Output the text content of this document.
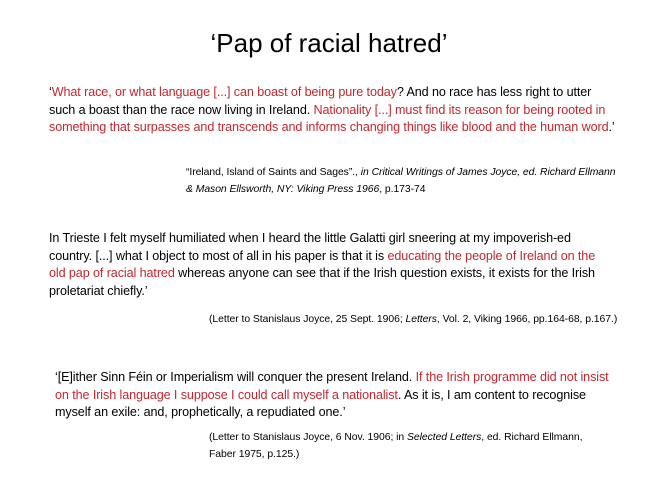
‘Pap of racial hatred’
‘What race, or what language [...] can boast of being pure today? And no race has less right to utter such a boast than the race now living in Ireland. Nationality [...] must find its reason for being rooted in something that surpasses and transcends and informs changing things like blood and the human word.’
“Ireland, Island of Saints and Sages”., in Critical Writings of James Joyce, ed. Richard Ellmann & Mason Ellsworth, NY: Viking Press 1966, p.173-74
In Trieste I felt myself humiliated when I heard the little Galatti girl sneering at my impoverish-ed country. [...] what I object to most of all in his paper is that it is educating the people of Ireland on the old pap of racial hatred whereas anyone can see that if the Irish question exists, it exists for the Irish proletariat chiefly.’
(Letter to Stanislaus Joyce, 25 Sept. 1906; Letters, Vol. 2, Viking 1966, pp.164-68, p.167.)
‘[E]ither Sinn Féin or Imperialism will conquer the present Ireland. If the Irish programme did not insist on the Irish language I suppose I could call myself a nationalist. As it is, I am content to recognise myself an exile: and, prophetically, a repudiated one.’
(Letter to Stanislaus Joyce, 6 Nov. 1906; in Selected Letters, ed. Richard Ellmann, Faber 1975, p.125.)
